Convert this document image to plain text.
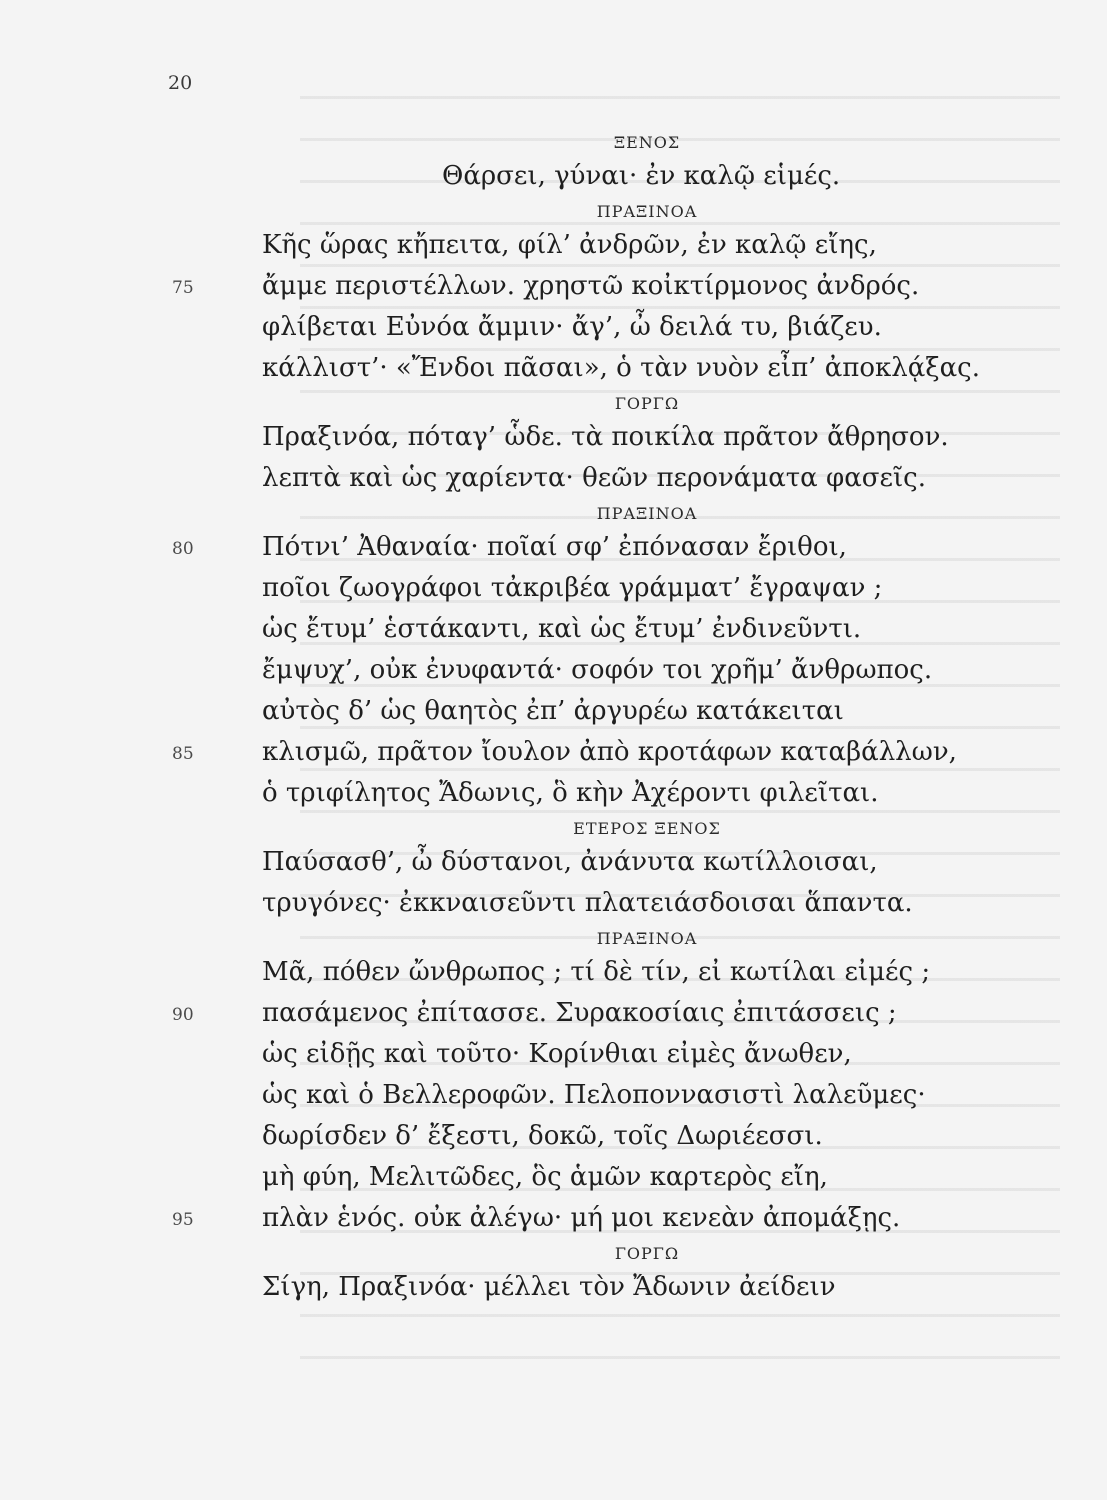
20
ΞΕΝΟΣ
Θάρσει, γύναι· ἐν καλῷ εἱμές.
ΠΡΑΞΙΝΟΑ
Κῆς ὥρας κἤπειτα, φίλ’ ἀνδρῶν, ἐν καλῷ εἴης,
75	ἄμμε περιστέλλων. χρηστῶ κοἰκτίρμονος ἀνδρός.
φλίβεται Εὐνόα ἄμμιν· ἄγ’, ὦ δειλά τυ, βιάζευ.
κάλλιστ’· «Ἔνδοι πᾶσαι», ὁ τὰν νυὸν εἶπ’ ἀποκλᾴξας.
ΓΟΡΓΩ
Πραξινόα, πόταγ’ ὧδε. τὰ ποικίλα πρᾶτον ἄθρησον.
λεπτὰ καὶ ὡς χαρίεντα· θεῶν περονάματα φασεῖς.
ΠΡΑΞΙΝΟΑ
80	Πότνι’ Ἀθαναία· ποῖαί σφ’ ἐπόνασαν ἔριθοι,
ποῖοι ζωογράφοι τἀκριβέα γράμματ’ ἔγραψαν ;
ὡς ἔτυμ’ ἑστάκαντι, καὶ ὡς ἔτυμ’ ἐνδινεῦντι.
ἔμψυχ’, οὐκ ἐνυφαντά· σοφόν τοι χρῆμ’ ἄνθρωπος.
αὐτὸς δ’ ὡς θαητὸς ἐπ’ ἀργυρέω κατάκειται
85	κλισμῶ, πρᾶτον ἴουλον ἀπὸ κροτάφων καταβάλλων,
ὁ τριφίλητος Ἄδωνις, ὃ κὴν Ἀχέροντι φιλεῖται.
ΕΤΕΡΟΣ ΞΕΝΟΣ
Παύσασθ’, ὦ δύστανοι, ἀνάνυτα κωτίλλοισαι,
τρυγόνες· ἐκκναισεῦντι πλατειάσδοισαι ἅπαντα.
ΠΡΑΞΙΝΟΑ
Μᾶ, πόθεν ὤνθρωπος ; τί δὲ τίν, εἰ κωτίλαι εἰμές ;
90	πασάμενος ἐπίτασσε. Συρακοσίαις ἐπιτάσσεις ;
ὡς εἰδῇς καὶ τοῦτο· Κορίνθιαι εἰμὲς ἄνωθεν,
ὡς καὶ ὁ Βελλεροφῶν. Πελοποννασιστὶ λαλεῦμες·
δωρίσδεν δ’ ἔξεστι, δοκῶ, τοῖς Δωριέεσσι.
μὴ φύη, Μελιτῶδες, ὃς ἁμῶν καρτερὸς εἴη,
95	πλὰν ἑνός. οὐκ ἀλέγω· μή μοι κενεὰν ἀπομάξῃς.
ΓΟΡΓΩ
Σίγη, Πραξινόα· μέλλει τὸν Ἄδωνιν ἀείδειν
